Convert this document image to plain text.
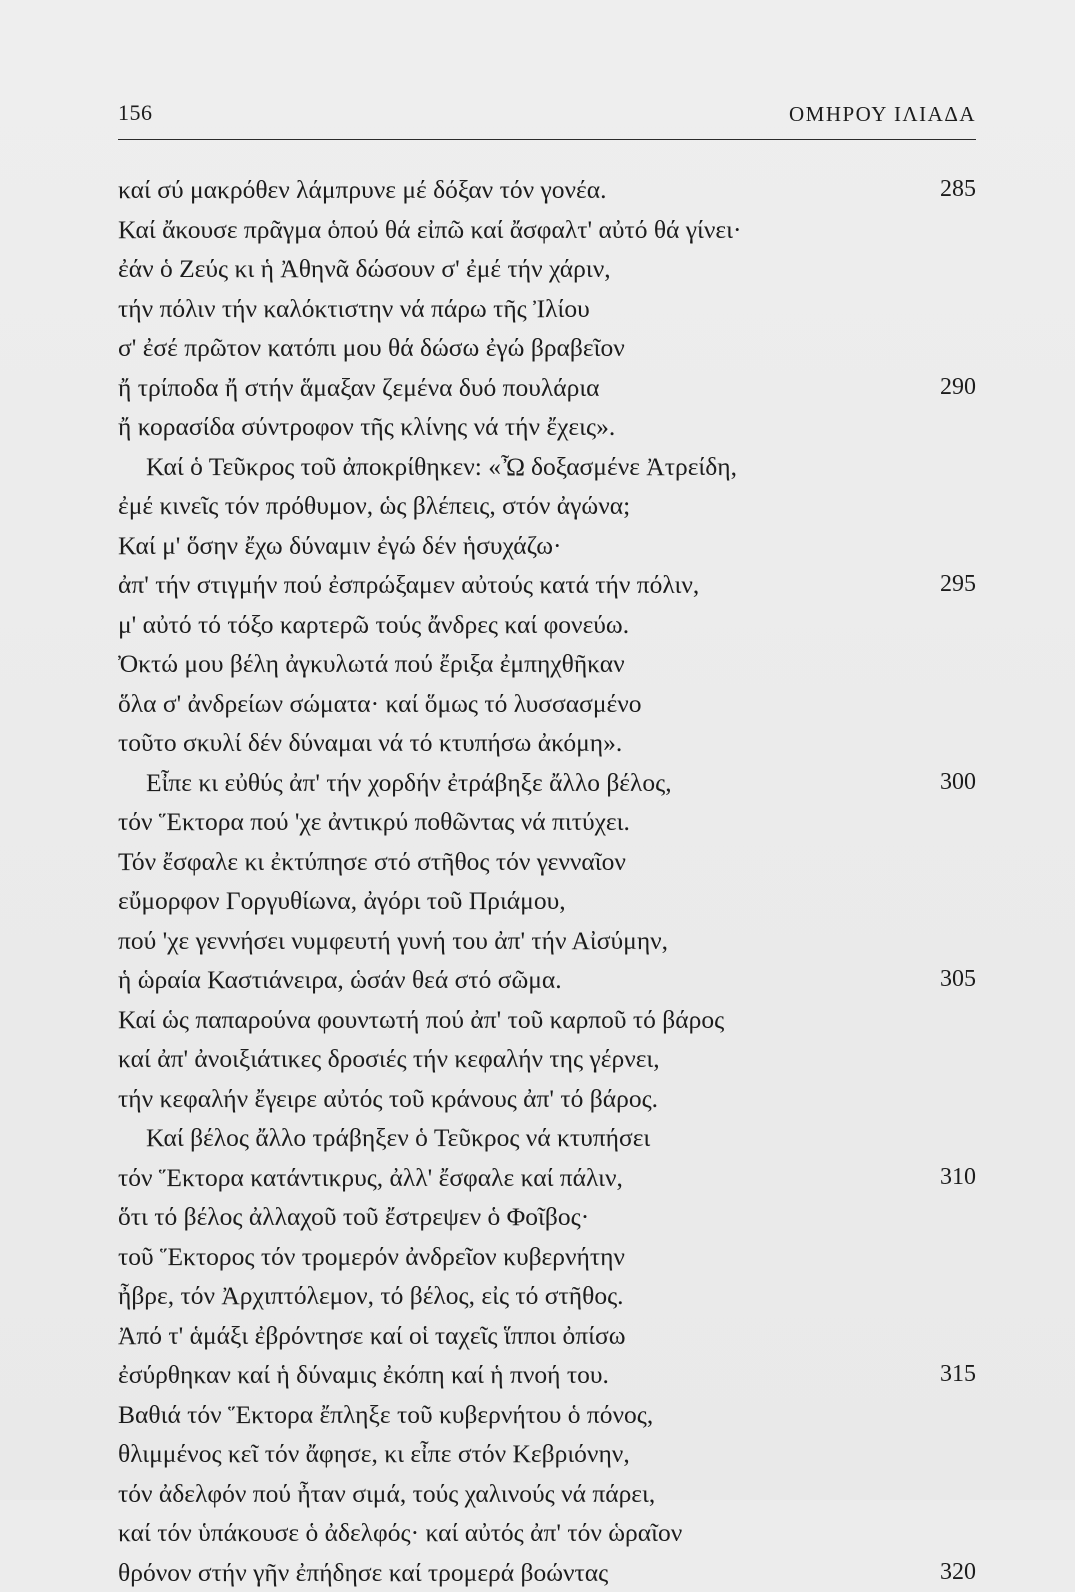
156	ΟΜΗΡΟΥ ΙΛΙΑΔΑ
καί σύ μακρόθεν λάμπρυνε μέ δόξαν τόν γονέα.	285
Καί ἄκουσε πρᾶγμα ὁπού θά εἰπῶ καί ἄσφαλτ' αὐτό θά γίνει·
ἐάν ὁ Ζεύς κι ἡ Ἀθηνᾶ δώσουν σ' ἐμέ τήν χάριν,
τήν πόλιν τήν καλόκτιστην νά πάρω τῆς Ἰλίου
σ' ἐσέ πρῶτον κατόπι μου θά δώσω ἐγώ βραβεῖον
ἤ τρίποδα ἤ στήν ἅμαξαν ζεμένα δυό πουλάρια	290
ἤ κορασίδα σύντροφον τῆς κλίνης νά τήν ἔχεις».
Καί ὁ Τεῦκρος τοῦ ἀποκρίθηκεν: «Ὦ δοξασμένε Ἀτρείδη,
ἐμέ κινεῖς τόν πρόθυμον, ὡς βλέπεις, στόν ἀγώνα;
Καί μ' ὅσην ἔχω δύναμιν ἐγώ δέν ἡσυχάζω·
ἀπ' τήν στιγμήν πού ἐσπρώξαμεν αὐτούς κατά τήν πόλιν,	295
μ' αὐτό τό τόξο καρτερῶ τούς ἄνδρες καί φονεύω.
Ὀκτώ μου βέλη ἀγκυλωτά πού ἔριξα ἐμπηχθῆκαν
ὅλα σ' ἀνδρείων σώματα· καί ὅμως τό λυσσασμένο
τοῦτο σκυλί δέν δύναμαι νά τό κτυπήσω ἀκόμη».
Εἶπε κι εὐθύς ἀπ' τήν χορδήν ἐτράβηξε ἄλλο βέλος,	300
τόν Ἕκτορα πού 'χε ἀντικρύ ποθῶντας νά πιτύχει.
Τόν ἔσφαλε κι ἐκτύπησε στό στῆθος τόν γενναῖον
εὔμορφον Γοργυθίωνα, ἀγόρι τοῦ Πριάμου,
πού 'χε γεννήσει νυμφευτή γυνή του ἀπ' τήν Αἰσύμην,
ἡ ὡραία Καστιάνειρα, ὡσάν θεά στό σῶμα.	305
Καί ὡς παπαρούνα φουντωτή πού ἀπ' τοῦ καρποῦ τό βάρος
καί ἀπ' ἀνοιξιάτικες δροσιές τήν κεφαλήν της γέρνει,
τήν κεφαλήν ἔγειρε αὐτός τοῦ κράνους ἀπ' τό βάρος.
Καί βέλος ἄλλο τράβηξεν ὁ Τεῦκρος νά κτυπήσει
τόν Ἕκτορα κατάντικρυς, ἀλλ' ἔσφαλε καί πάλιν,	310
ὅτι τό βέλος ἀλλαχοῦ τοῦ ἔστρεψεν ὁ Φοῖβος·
τοῦ Ἕκτορος τόν τρομερόν ἀνδρεῖον κυβερνήτην
ἦβρε, τόν Ἀρχιπτόλεμον, τό βέλος, εἰς τό στῆθος.
Ἀπό τ' ἁμάξι ἐβρόντησε καί οἱ ταχεῖς ἵπποι ὀπίσω
ἐσύρθηκαν καί ἡ δύναμις ἐκόπη καί ἡ πνοή του.	315
Βαθιά τόν Ἕκτορα ἔπληξε τοῦ κυβερνήτου ὁ πόνος,
θλιμμένος κεῖ τόν ἄφησε, κι εἶπε στόν Κεβριόνην,
τόν ἀδελφόν πού ἦταν σιμά, τούς χαλινούς νά πάρει,
καί τόν ὑπάκουσε ὁ ἀδελφός· καί αὐτός ἀπ' τόν ὡραῖον
θρόνον στήν γῆν ἐπήδησε καί τρομερά βοώντας	320
